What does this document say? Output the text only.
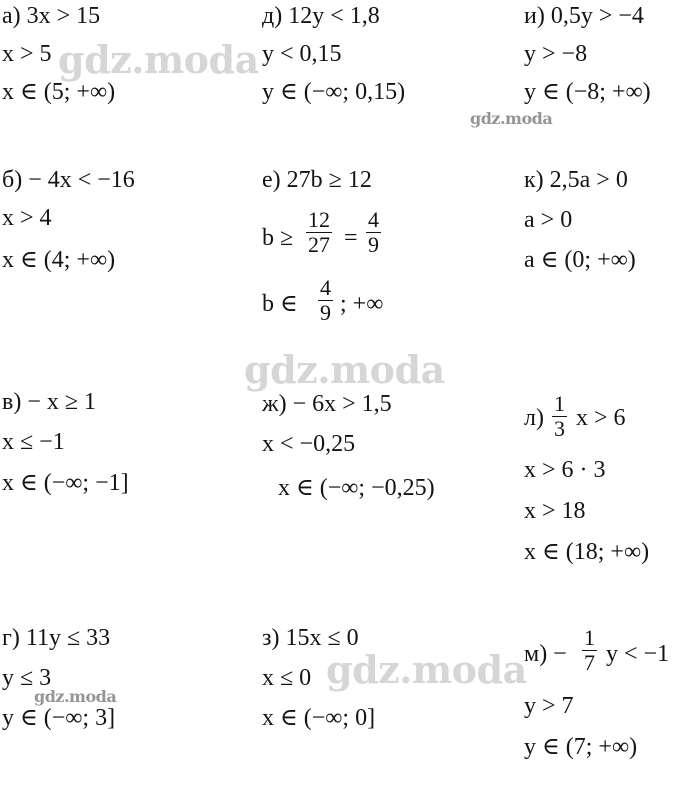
а) 3x > 15
x > 5
x ∈ (5; +∞)
б) − 4x < −16
x > 4
x ∈ (4; +∞)
в) − x ≥ 1
x ≤ −1
x ∈ (−∞; −1]
г) 11y ≤ 33
y ≤ 3
y ∈ (−∞; 3]
д) 12y < 1,8
y < 0,15
y ∈ (−∞; 0,15)
е) 27b ≥ 12
$b \ge \frac{12}{27} = \frac{4}{9}$
b ∈ $\frac{4}{9}$ ; +∞
ж) − 6x > 1,5
x < −0,25
x ∈ (−∞; −0,25)
з) 15x ≤ 0
x ≤ 0
x ∈ (−∞; 0]
и) 0,5y > −4
y > −8
y ∈ (−8; +∞)
к) 2,5a > 0
a > 0
a ∈ (0; +∞)
$л) \frac{1}{3}$ x > 6
x > 6 · 3
x > 18
x ∈ (18; +∞)
$м) - \frac{1}{7}$ y < −1
y > 7
y ∈ (7; +∞)
gdz.moda
gdz.moda
gdz.moda
gdz.moda
gdz.moda
